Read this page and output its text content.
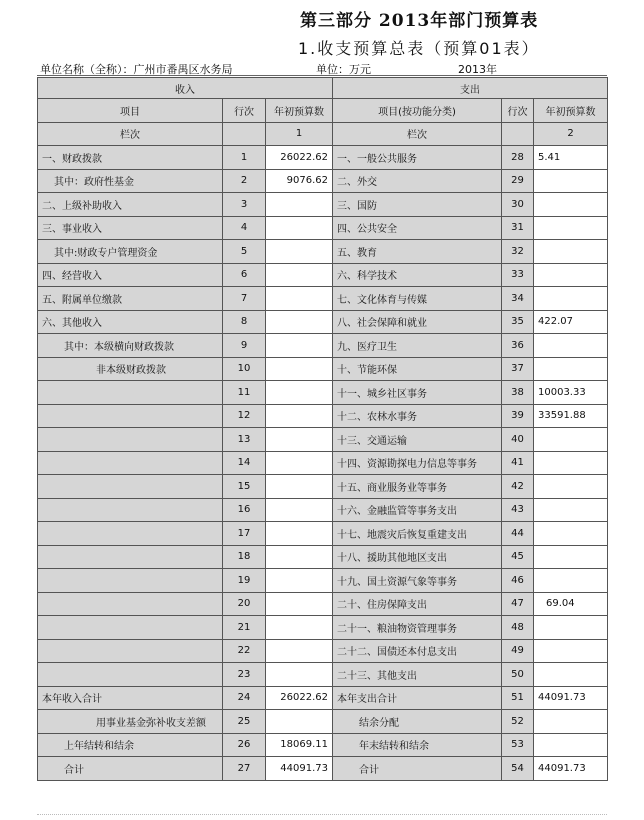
第三部分 2013年部门预算表
1.收支预算总表（预算01表）
单位名称（全称）：广州市番禺区水务局	单位：万元	2013年
收入			支出		
项目	行次	年初预算数	项目(按功能分类)	行次	年初预算数
栏次		1	栏次		2
一、财政拨款	1	26022.62	一、一般公共服务	28	5.41
其中：政府性基金	2	9076.62	二、外交	29	
二、上级补助收入	3		三、国防	30	
三、事业收入	4		四、公共安全	31	
其中:财政专户管理资金	5		五、教育	32	
四、经营收入	6		六、科学技术	33	
五、附属单位缴款	7		七、文化体育与传媒	34	
六、其他收入	8		八、社会保障和就业	35	422.07
其中：本级横向财政拨款	9		九、医疗卫生	36	
非本级财政拨款	10		十、节能环保	37	
	11		十一、城乡社区事务	38	10003.33
	12		十二、农林水事务	39	33591.88
	13		十三、交通运输	40	
	14		十四、资源勘探电力信息等事务	41	
	15		十五、商业服务业等事务	42	
	16		十六、金融监管等事务支出	43	
	17		十七、地震灾后恢复重建支出	44	
	18		十八、援助其他地区支出	45	
	19		十九、国土资源气象等事务	46	
	20		二十、住房保障支出	47	69.04
	21		二十一、粮油物资管理事务	48	
	22		二十二、国债还本付息支出	49	
	23		二十三、其他支出	50	
本年收入合计	24	26022.62	本年支出合计	51	44091.73
用事业基金弥补收支差额	25		结余分配	52	
上年结转和结余	26	18069.11	年末结转和结余	53	
合计	27	44091.73	合计	54	44091.73
